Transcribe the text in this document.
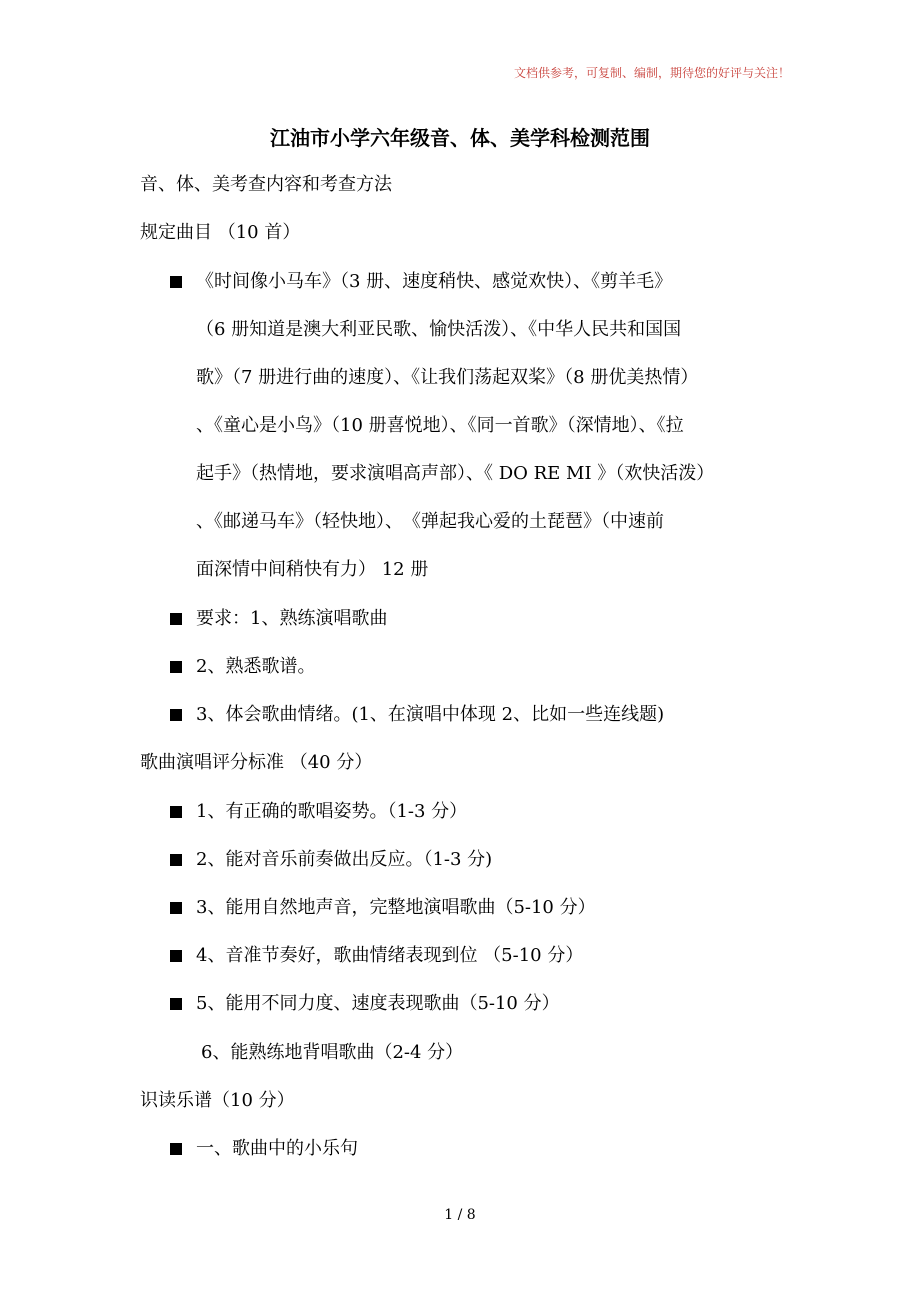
文档供参考，可复制、编制，期待您的好评与关注！
江油市小学六年级音、体、美学科检测范围
音、体、美考查内容和考查方法
规定曲目 （10 首）
《时间像小马车》（3 册、速度稍快、感觉欢快）、《剪羊毛》
（6 册知道是澳大利亚民歌、愉快活泼）、《中华人民共和国国
歌》（7 册进行曲的速度）、《让我们荡起双桨》（8 册优美热情）
、《童心是小鸟》（10 册喜悦地）、《同一首歌》（深情地）、《拉
起手》（热情地，要求演唱高声部）、《 DO RE MI 》（欢快活泼）
、《邮递马车》（轻快地）、　《弹起我心爱的土琵琶》（中速前
面深情中间稍快有力） 12 册
要求：1、熟练演唱歌曲
2、熟悉歌谱。
3、体会歌曲情绪。(1、在演唱中体现 2、比如一些连线题)
歌曲演唱评分标准 （40 分）
1、有正确的歌唱姿势。（1-3 分）
2、能对音乐前奏做出反应。（1-3 分)
3、能用自然地声音，完整地演唱歌曲（5-10 分）
4、音准节奏好，歌曲情绪表现到位 （5-10 分）
5、能用不同力度、速度表现歌曲（5-10 分）
6、能熟练地背唱歌曲（2-4 分）
识读乐谱（10 分）
一、歌曲中的小乐句
1 / 8
